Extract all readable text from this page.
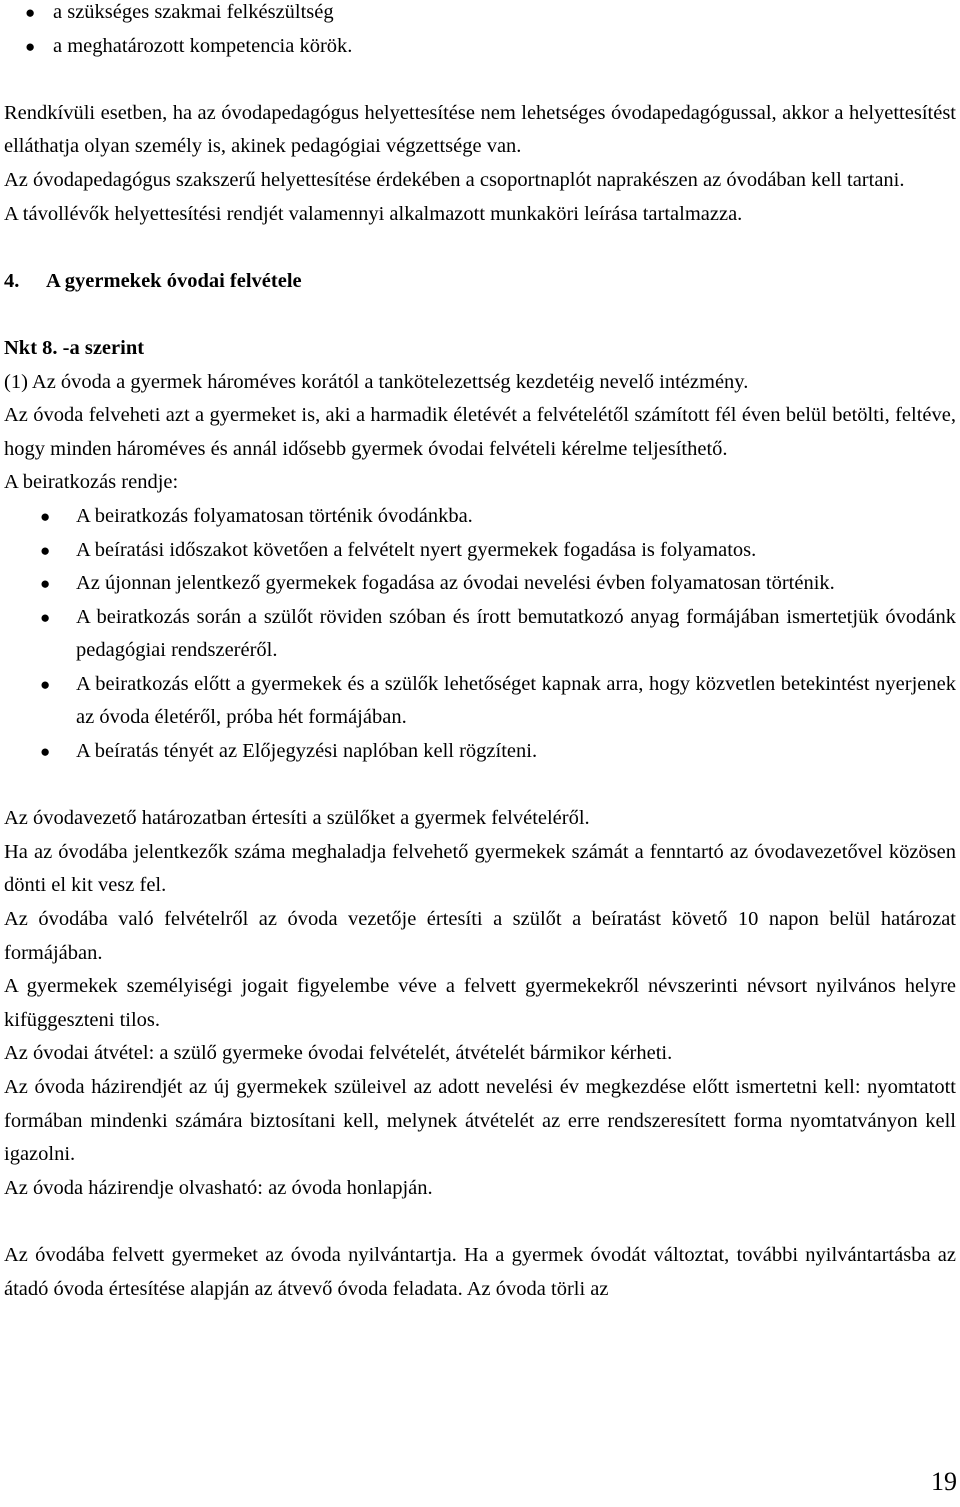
● a szükséges szakmai felkészültség
● a meghatározott kompetencia körök.

Rendkívüli esetben, ha az óvodapedagógus helyettesítése nem lehetséges óvodapedagógussal, akkor a helyettesítést elláthatja olyan személy is, akinek pedagógiai végzettsége van.

Az óvodapedagógus szakszerű helyettesítése érdekében a csoportnaplót naprakészen az óvodában kell tartani.

A távollévők helyettesítési rendjét valamennyi alkalmazott munkaköri leírása tartalmazza.

4. A gyermekek óvodai felvétele

Nkt 8. -a szerint

(1) Az óvoda a gyermek hároméves korától a tankötelezettség kezdetéig nevelő intézmény.

Az óvoda felveheti azt a gyermeket is, aki a harmadik életévét a felvételétől számított fél éven belül betölti, feltéve, hogy minden hároméves és annál idősebb gyermek óvodai felvételi kérelme teljesíthető.

A beiratkozás rendje:

● A beiratkozás folyamatosan történik óvodánkba.
● A beíratási időszakot követően a felvételt nyert gyermekek fogadása is folyamatos.
● Az újonnan jelentkező gyermekek fogadása az óvodai nevelési évben folyamatosan történik.
● A beiratkozás során a szülőt röviden szóban és írott bemutatkozó anyag formájában ismertetjük óvodánk pedagógiai rendszeréről.
● A beiratkozás előtt a gyermekek és a szülők lehetőséget kapnak arra, hogy közvetlen betekintést nyerjenek az óvoda életéről, próba hét formájában.
● A beíratás tényét az Előjegyzési naplóban kell rögzíteni.

Az óvodavezető határozatban értesíti a szülőket a gyermek felvételéről.

Ha az óvodába jelentkezők száma meghaladja felvehető gyermekek számát a fenntartó az óvodavezetővel közösen dönti el kit vesz fel.

Az óvodába való felvételről az óvoda vezetője értesíti a szülőt a beíratást követő 10 napon belül határozat formájában.

A gyermekek személyiségi jogait figyelembe véve a felvett gyermekekről névszerinti névsort nyilvános helyre kifüggeszteni tilos.

Az óvodai átvétel: a szülő gyermeke óvodai felvételét, átvételét bármikor kérheti.

Az óvoda házirendjét az új gyermekek szüleivel az adott nevelési év megkezdése előtt ismertetni kell: nyomtatott formában mindenki számára biztosítani kell, melynek átvételét az erre rendszeresített forma nyomtatványon kell igazolni.

Az óvoda házirendje olvasható: az óvoda honlapján.

Az óvodába felvett gyermeket az óvoda nyilvántartja. Ha a gyermek óvodát változtat, további nyilvántartásba az átadó óvoda értesítése alapján az átvevő óvoda feladata. Az óvoda törli az

19
